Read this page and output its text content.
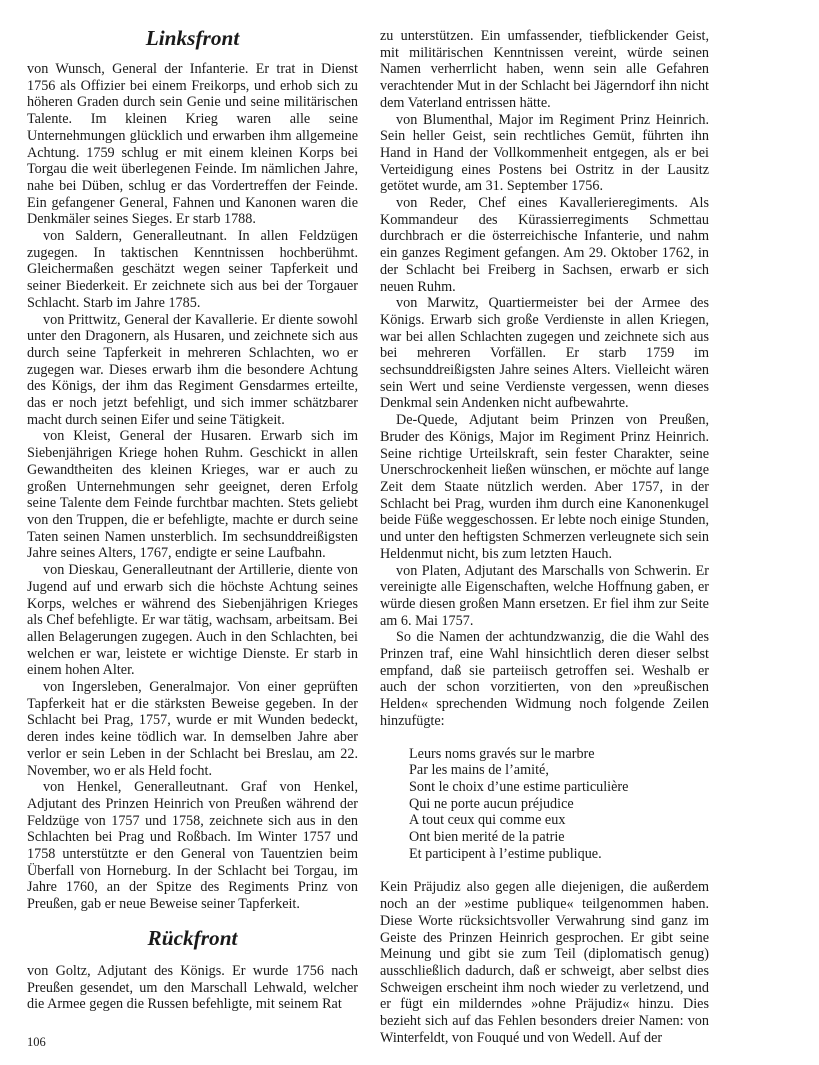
Linksfront

von Wunsch, General der Infanterie. Er trat in Dienst 1756 als Offizier bei einem Freikorps, und erhob sich zu höheren Graden durch sein Genie und seine militärischen Talente. Im kleinen Krieg waren alle seine Unternehmungen glücklich und erwarben ihm allgemeine Achtung. 1759 schlug er mit einem kleinen Korps bei Torgau die weit überlegenen Feinde. Im nämlichen Jahre, nahe bei Düben, schlug er das Vordertreffen der Feinde. Ein gefangener General, Fahnen und Kanonen waren die Denkmäler seines Sieges. Er starb 1788.

von Saldern, Generalleutnant. In allen Feldzügen zugegen. In taktischen Kenntnissen hochberühmt. Gleichermaßen geschätzt wegen seiner Tapferkeit und seiner Biederkeit. Er zeichnete sich aus bei der Torgauer Schlacht. Starb im Jahre 1785.

von Prittwitz, General der Kavallerie. Er diente sowohl unter den Dragonern, als Husaren, und zeichnete sich aus durch seine Tapferkeit in mehreren Schlachten, wo er zugegen war. Dieses erwarb ihm die besondere Achtung des Königs, der ihm das Regiment Gensdarmes erteilte, das er noch jetzt befehligt, und sich immer schätzbarer macht durch seinen Eifer und seine Tätigkeit.

von Kleist, General der Husaren. Erwarb sich im Siebenjährigen Kriege hohen Ruhm. Geschickt in allen Gewandtheiten des kleinen Krieges, war er auch zu großen Unternehmungen sehr geeignet, deren Erfolg seine Talente dem Feinde furchtbar machten. Stets geliebt von den Truppen, die er befehligte, machte er durch seine Taten seinen Namen unsterblich. Im sechsunddreißigsten Jahre seines Alters, 1767, endigte er seine Laufbahn.

von Dieskau, Generalleutnant der Artillerie, diente von Jugend auf und erwarb sich die höchste Achtung seines Korps, welches er während des Siebenjährigen Krieges als Chef befehligte. Er war tätig, wachsam, arbeitsam. Bei allen Belagerungen zugegen. Auch in den Schlachten, bei welchen er war, leistete er wichtige Dienste. Er starb in einem hohen Alter.

von Ingersleben, Generalmajor. Von einer geprüften Tapferkeit hat er die stärksten Beweise gegeben. In der Schlacht bei Prag, 1757, wurde er mit Wunden bedeckt, deren indes keine tödlich war. In demselben Jahre aber verlor er sein Leben in der Schlacht bei Breslau, am 22. November, wo er als Held focht.

von Henkel, Generalleutnant. Graf von Henkel, Adjutant des Prinzen Heinrich von Preußen während der Feldzüge von 1757 und 1758, zeichnete sich aus in den Schlachten bei Prag und Roßbach. Im Winter 1757 und 1758 unterstützte er den General von Tauentzien beim Überfall von Horneburg. In der Schlacht bei Torgau, im Jahre 1760, an der Spitze des Regiments Prinz von Preußen, gab er neue Beweise seiner Tapferkeit.

Rückfront

von Goltz, Adjutant des Königs. Er wurde 1756 nach Preußen gesendet, um den Marschall Lehwald, welcher die Armee gegen die Russen befehligte, mit seinem Rat

zu unterstützen. Ein umfassender, tiefblickender Geist, mit militärischen Kenntnissen vereint, würde seinen Namen verherrlicht haben, wenn sein alle Gefahren verachtender Mut in der Schlacht bei Jägerndorf ihn nicht dem Vaterland entrissen hätte.

von Blumenthal, Major im Regiment Prinz Heinrich. Sein heller Geist, sein rechtliches Gemüt, führten ihn Hand in Hand der Vollkommenheit entgegen, als er bei Verteidigung eines Postens bei Ostritz in der Lausitz getötet wurde, am 31. September 1756.

von Reder, Chef eines Kavallerieregiments. Als Kommandeur des Kürassierregiments Schmettau durchbrach er die österreichische Infanterie, und nahm ein ganzes Regiment gefangen. Am 29. Oktober 1762, in der Schlacht bei Freiberg in Sachsen, erwarb er sich neuen Ruhm.

von Marwitz, Quartiermeister bei der Armee des Königs. Erwarb sich große Verdienste in allen Kriegen, war bei allen Schlachten zugegen und zeichnete sich aus bei mehreren Vorfällen. Er starb 1759 im sechsunddreißigsten Jahre seines Alters. Vielleicht wären sein Wert und seine Verdienste vergessen, wenn dieses Denkmal sein Andenken nicht aufbewahrte.

De-Quede, Adjutant beim Prinzen von Preußen, Bruder des Königs, Major im Regiment Prinz Heinrich. Seine richtige Urteilskraft, sein fester Charakter, seine Unerschrockenheit ließen wünschen, er möchte auf lange Zeit dem Staate nützlich werden. Aber 1757, in der Schlacht bei Prag, wurden ihm durch eine Kanonenkugel beide Füße weggeschossen. Er lebte noch einige Stunden, und unter den heftigsten Schmerzen verleugnete sich sein Heldenmut nicht, bis zum letzten Hauch.

von Platen, Adjutant des Marschalls von Schwerin. Er vereinigte alle Eigenschaften, welche Hoffnung gaben, er würde diesen großen Mann ersetzen. Er fiel ihm zur Seite am 6. Mai 1757.

So die Namen der achtundzwanzig, die die Wahl des Prinzen traf, eine Wahl hinsichtlich deren dieser selbst empfand, daß sie parteiisch getroffen sei. Weshalb er auch der schon vorzitierten, von den »preußischen Helden« sprechenden Widmung noch folgende Zeilen hinzufügte:

Leurs noms gravés sur le marbre
Par les mains de l’amité,
Sont le choix d’une estime particulière
Qui ne porte aucun préjudice
A tout ceux qui comme eux
Ont bien merité de la patrie
Et participent à l’estime publique.

Kein Präjudiz also gegen alle diejenigen, die außerdem noch an der »estime publique« teilgenommen haben. Diese Worte rücksichtsvoller Verwahrung sind ganz im Geiste des Prinzen Heinrich gesprochen. Er gibt seine Meinung und gibt sie zum Teil (diplomatisch genug) ausschließlich dadurch, daß er schweigt, aber selbst dies Schweigen erscheint ihm noch wieder zu verletzend, und er fügt ein milderndes »ohne Präjudiz« hinzu. Dies bezieht sich auf das Fehlen besonders dreier Namen: von Winterfeldt, von Fouqué und von Wedell. Auf der

106
